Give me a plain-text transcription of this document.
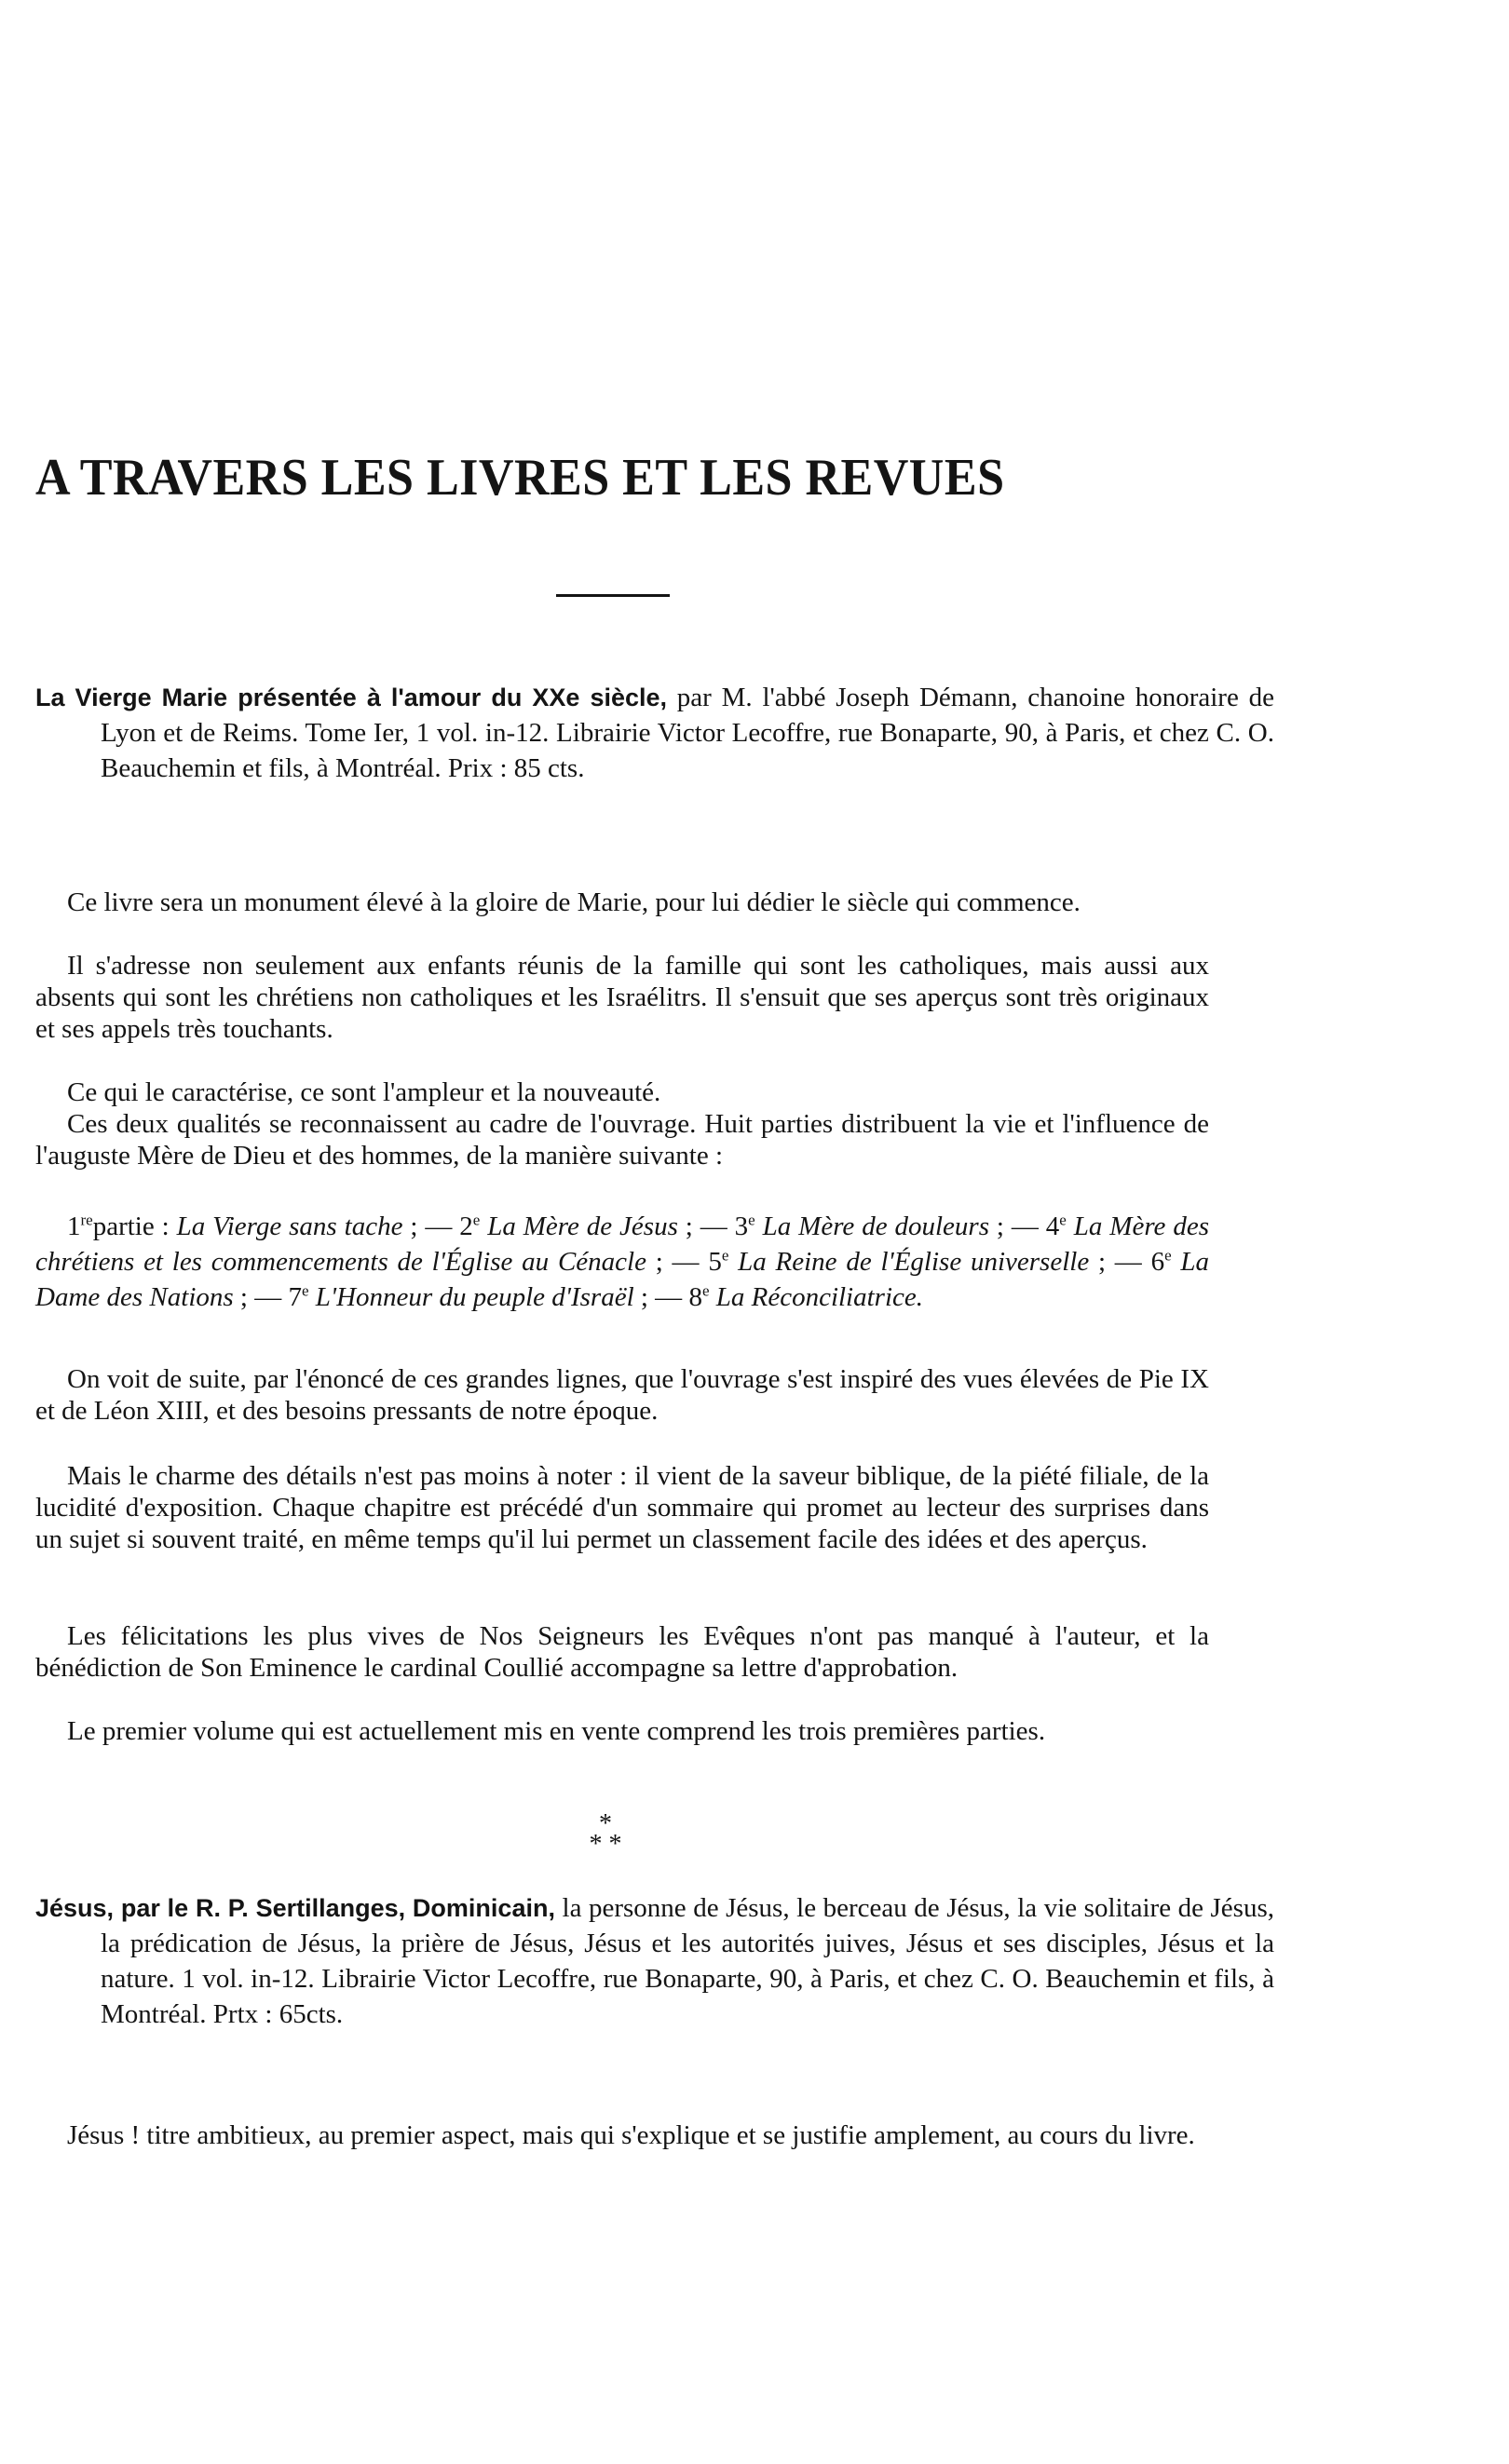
A TRAVERS LES LIVRES ET LES REVUES

La Vierge Marie présentée à l'amour du XXe siècle, par M. l'abbé Joseph Démann, chanoine honoraire de Lyon et de Reims. Tome Ier, 1 vol. in-12. Librairie Victor Lecoffre, rue Bonaparte, 90, à Paris, et chez C. O. Beauchemin et fils, à Montréal. Prix : 85 cts.

Ce livre sera un monument élevé à la gloire de Marie, pour lui dédier le siècle qui commence.

Il s'adresse non seulement aux enfants réunis de la famille qui sont les catholiques, mais aussi aux absents qui sont les chrétiens non catholiques et les Israélitrs. Il s'ensuit que ses aperçus sont très originaux et ses appels très touchants.

Ce qui le caractérise, ce sont l'ampleur et la nouveauté.

Ces deux qualités se reconnaissent au cadre de l'ouvrage. Huit parties distribuent la vie et l'influence de l'auguste Mère de Dieu et des hommes, de la manière suivante :

1repartie : La Vierge sans tache ; — 2e La Mère de Jésus ; — 3e La Mère de douleurs ; — 4e La Mère des chrétiens et les commencements de l'Église au Cénacle ; — 5e La Reine de l'Église universelle ; — 6e La Dame des Nations ; — 7e L'Honneur du peuple d'Israël ; — 8e La Réconciliatrice.

On voit de suite, par l'énoncé de ces grandes lignes, que l'ouvrage s'est inspiré des vues élevées de Pie IX et de Léon XIII, et des besoins pressants de notre époque.

Mais le charme des détails n'est pas moins à noter : il vient de la saveur biblique, de la piété filiale, de la lucidité d'exposition. Chaque chapitre est précédé d'un sommaire qui promet au lecteur des surprises dans un sujet si souvent traité, en même temps qu'il lui permet un classement facile des idées et des aperçus.

Les félicitations les plus vives de Nos Seigneurs les Evêques n'ont pas manqué à l'auteur, et la bénédiction de Son Eminence le cardinal Coullié accompagne sa lettre d'approbation.

Le premier volume qui est actuellement mis en vente comprend les trois premières parties.

*
* *

Jésus, par le R. P. Sertillanges, Dominicain, la personne de Jésus, le berceau de Jésus, la vie solitaire de Jésus, la prédication de Jésus, la prière de Jésus, Jésus et les autorités juives, Jésus et ses disciples, Jésus et la nature. 1 vol. in-12. Librairie Victor Lecoffre, rue Bonaparte, 90, à Paris, et chez C. O. Beauchemin et fils, à Montréal. Prtx : 65cts.

Jésus ! titre ambitieux, au premier aspect, mais qui s'explique et se justifie amplement, au cours du livre.
